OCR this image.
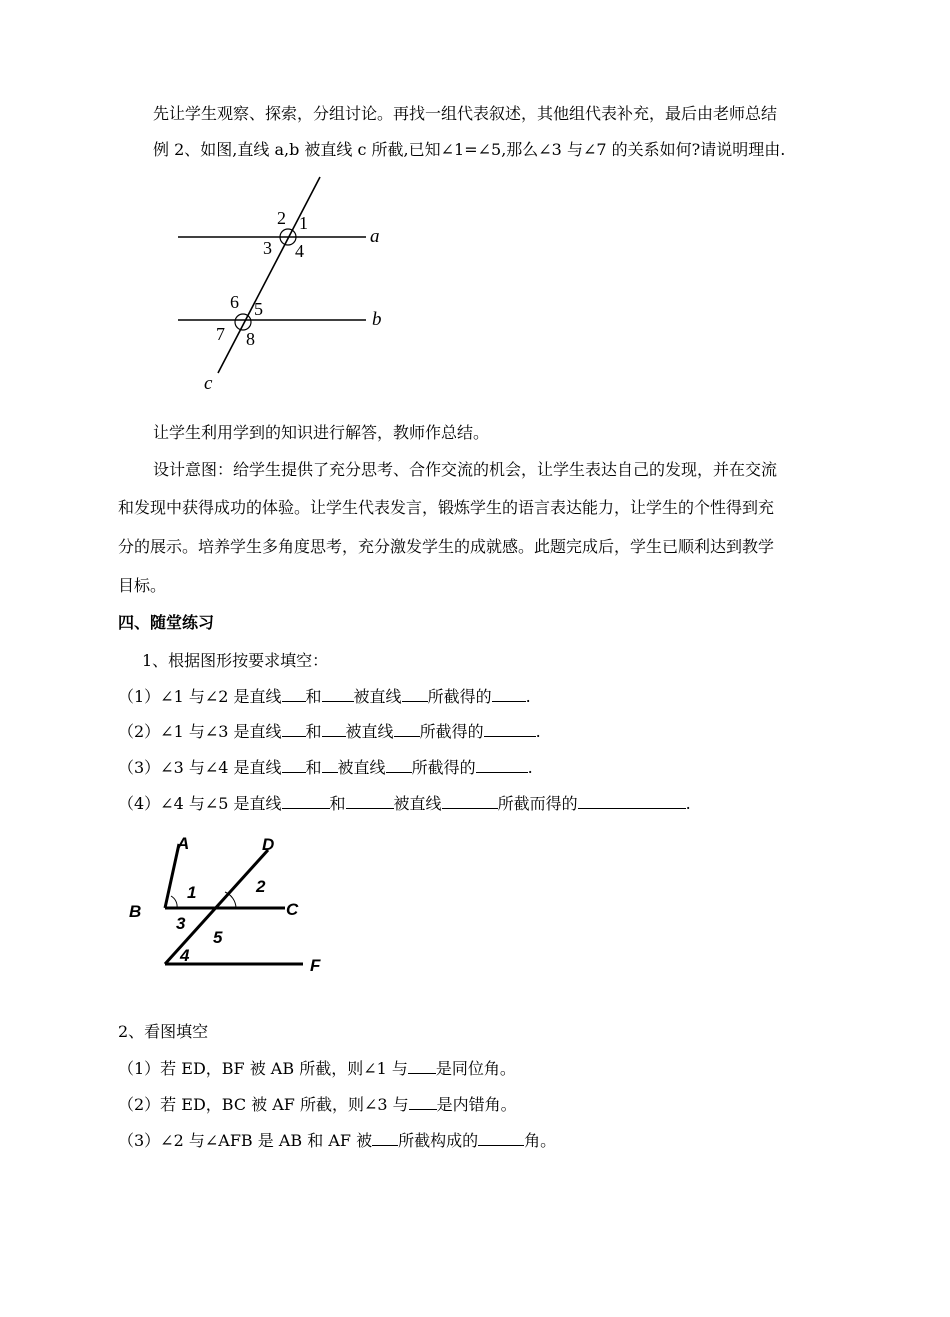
先让学生观察、探索，分组讨论。再找一组代表叙述，其他组代表补充，最后由老师总结
例 2、如图,直线 a,b 被直线 c 所截,已知∠1=∠5,那么∠3 与∠7 的关系如何?请说明理由.
a
b
c
1
2
3 4
5
6
7 8
让学生利用学到的知识进行解答，教师作总结。
设计意图：给学生提供了充分思考、合作交流的机会，让学生表达自己的发现，并在交流
和发现中获得成功的体验。让学生代表发言，锻炼学生的语言表达能力，让学生的个性得到充
分的展示。培养学生多角度思考，充分激发学生的成就感。此题完成后，学生已顺利达到教学
目标。
四、随堂练习
1、根据图形按要求填空：
（1）∠1 与∠2 是直线 和 被直线 所截得的 .
（2）∠1 与∠3 是直线 和 被直线 所截得的	.
（3）∠3 与∠4 是直线 和 被直线 所截得的	.
（4）∠4 与∠5 是直线	和	被直线	所截而得的	.
A
B	C
D
F
1	2
3
4
5
2、看图填空
（1）若 ED，BF 被 AB 所截，则∠1 与 是同位角。
（2）若 ED，BC 被 AF 所截，则∠3 与 是内错角。
（3）∠2 与∠AFB 是 AB 和 AF 被 所截构成的	角。
